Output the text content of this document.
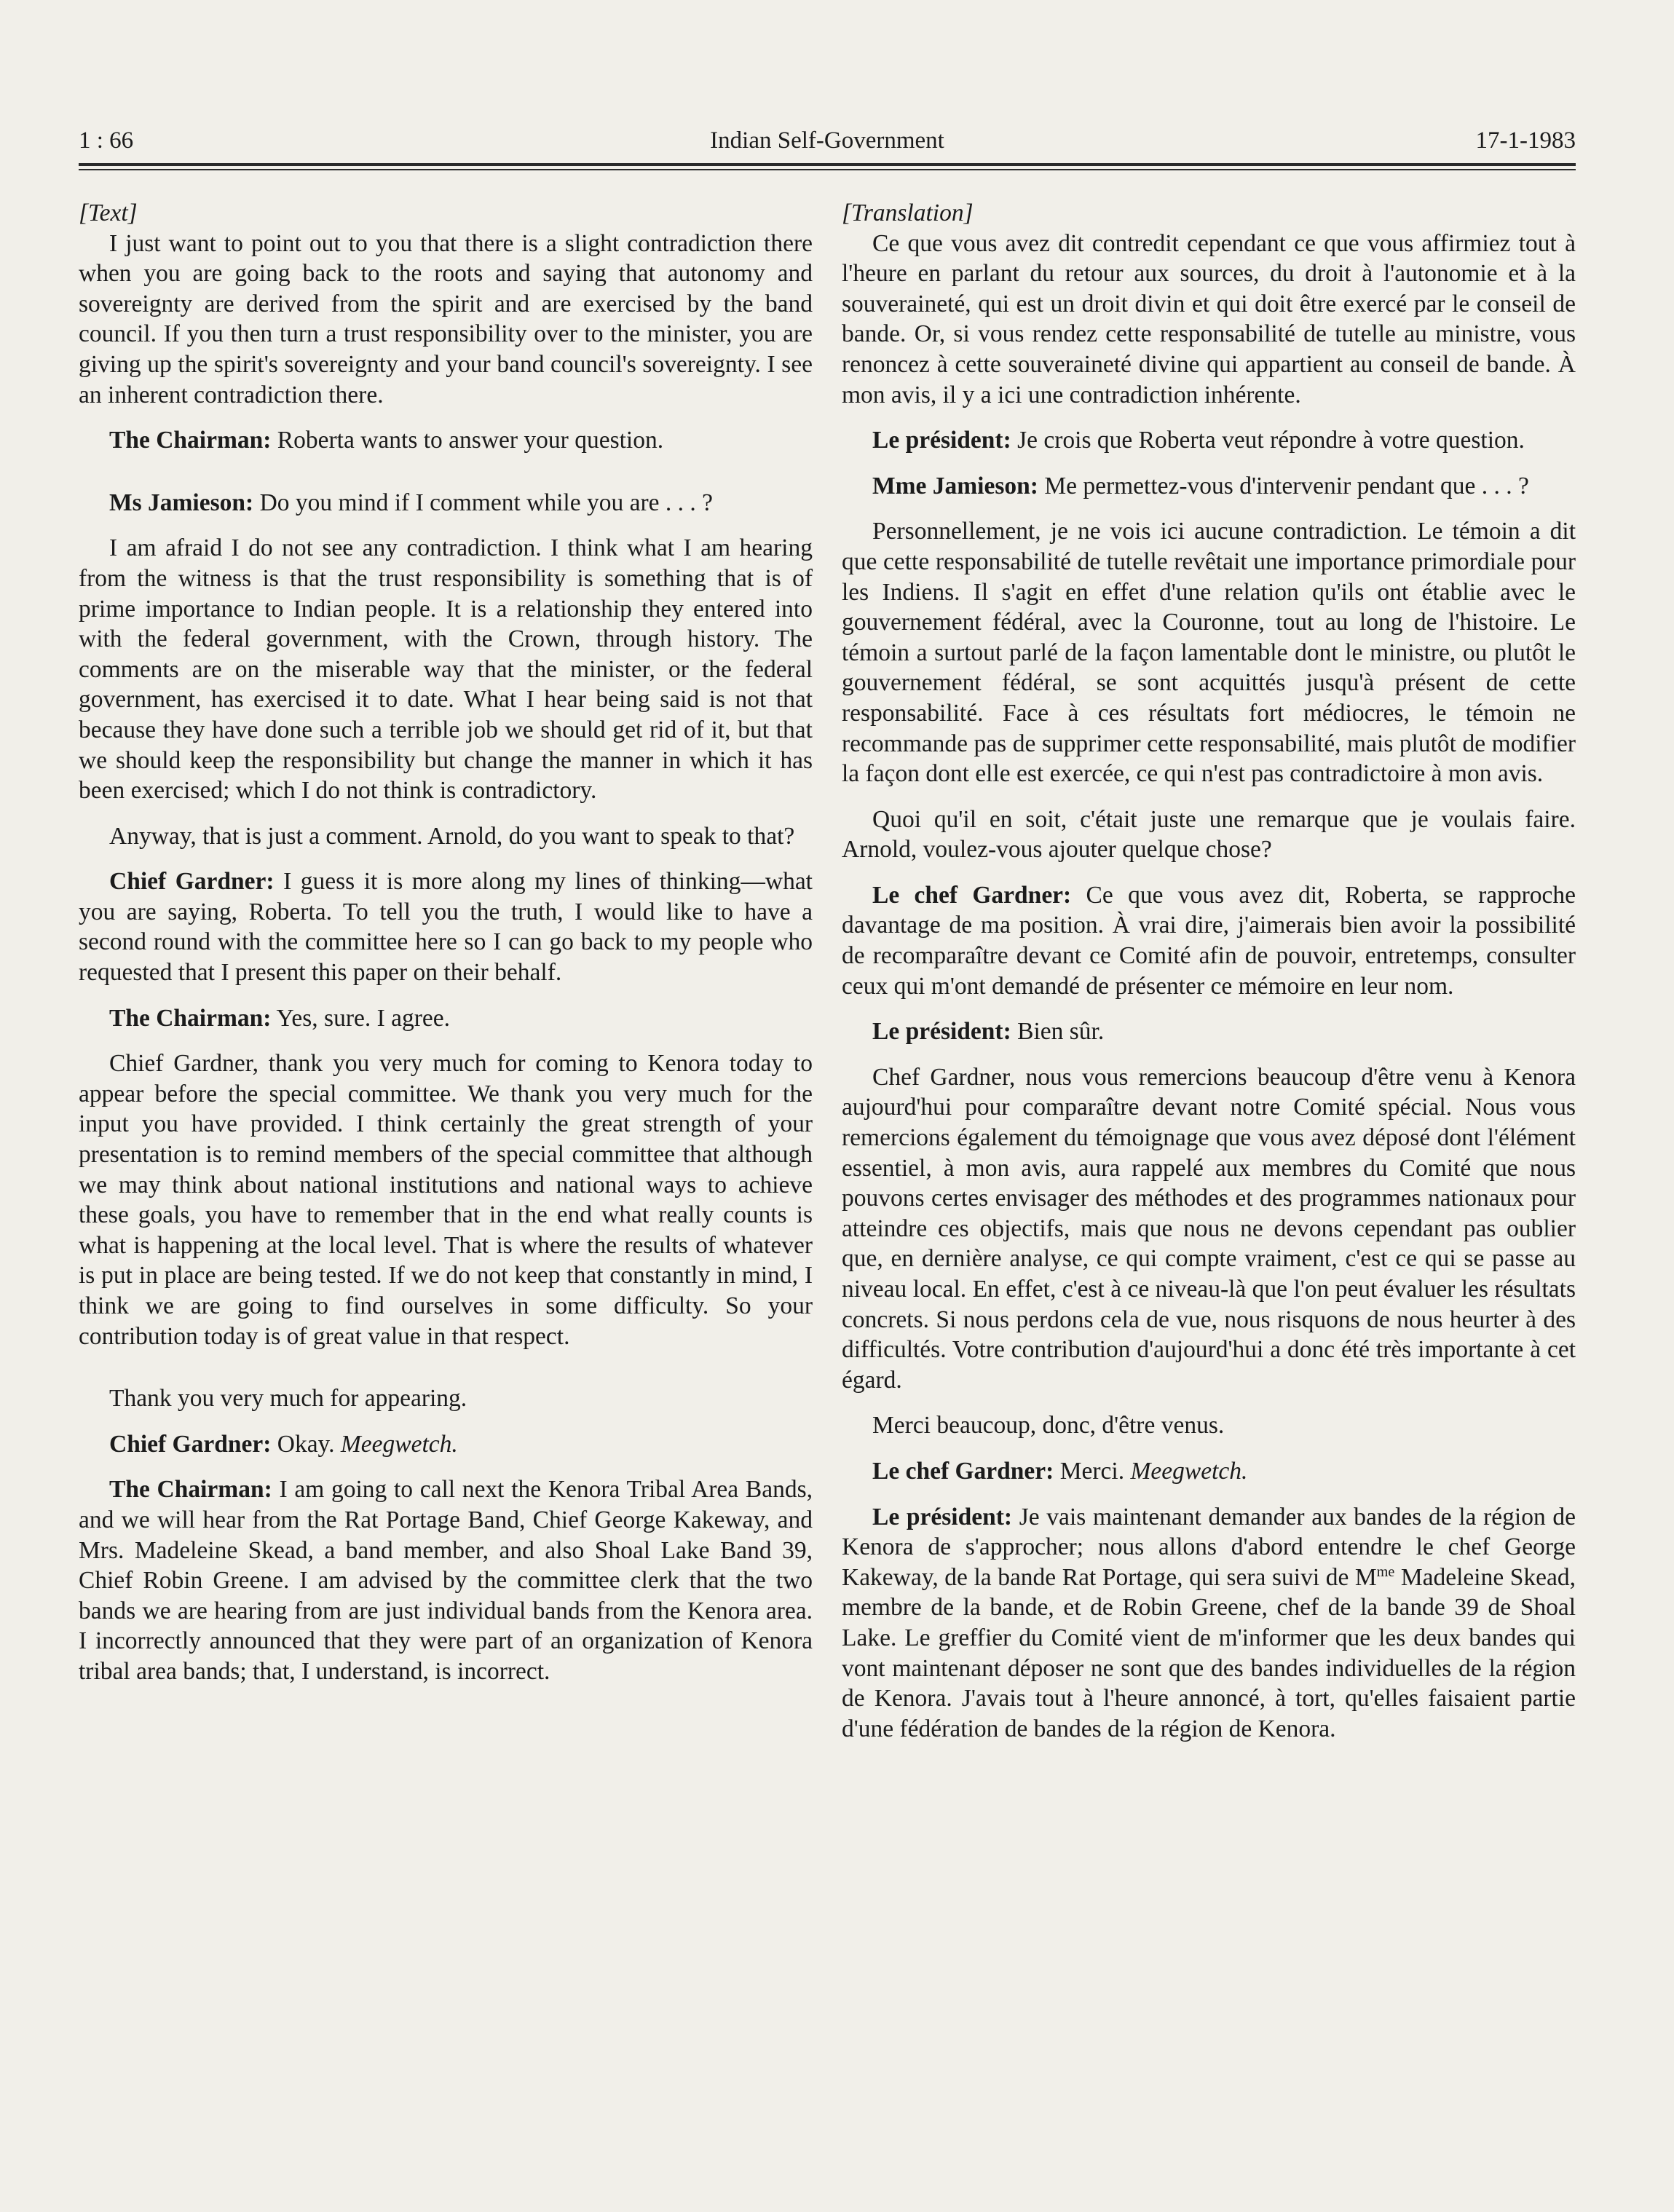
1 : 66	Indian Self-Government	17-1-1983

[Text]

I just want to point out to you that there is a slight contradiction there when you are going back to the roots and saying that autonomy and sovereignty are derived from the spirit and are exercised by the band council. If you then turn a trust responsibility over to the minister, you are giving up the spirit's sovereignty and your band council's sovereignty. I see an inherent contradiction there.

The Chairman: Roberta wants to answer your question.

Ms Jamieson: Do you mind if I comment while you are . . . ?

I am afraid I do not see any contradiction. I think what I am hearing from the witness is that the trust responsibility is something that is of prime importance to Indian people. It is a relationship they entered into with the federal government, with the Crown, through history. The comments are on the miserable way that the minister, or the federal government, has exercised it to date. What I hear being said is not that because they have done such a terrible job we should get rid of it, but that we should keep the responsibility but change the manner in which it has been exercised; which I do not think is contradictory.

Anyway, that is just a comment. Arnold, do you want to speak to that?

Chief Gardner: I guess it is more along my lines of thinking—what you are saying, Roberta. To tell you the truth, I would like to have a second round with the committee here so I can go back to my people who requested that I present this paper on their behalf.

The Chairman: Yes, sure. I agree.

Chief Gardner, thank you very much for coming to Kenora today to appear before the special committee. We thank you very much for the input you have provided. I think certainly the great strength of your presentation is to remind members of the special committee that although we may think about national institutions and national ways to achieve these goals, you have to remember that in the end what really counts is what is happening at the local level. That is where the results of whatever is put in place are being tested. If we do not keep that constantly in mind, I think we are going to find ourselves in some difficulty. So your contribution today is of great value in that respect.

Thank you very much for appearing.

Chief Gardner: Okay. Meegwetch.

The Chairman: I am going to call next the Kenora Tribal Area Bands, and we will hear from the Rat Portage Band, Chief George Kakeway, and Mrs. Madeleine Skead, a band member, and also Shoal Lake Band 39, Chief Robin Greene. I am advised by the committee clerk that the two bands we are hearing from are just individual bands from the Kenora area. I incorrectly announced that they were part of an organization of Kenora tribal area bands; that, I understand, is incorrect.

[Translation]

Ce que vous avez dit contredit cependant ce que vous affirmiez tout à l'heure en parlant du retour aux sources, du droit à l'autonomie et à la souveraineté, qui est un droit divin et qui doit être exercé par le conseil de bande. Or, si vous rendez cette responsabilité de tutelle au ministre, vous renoncez à cette souveraineté divine qui appartient au conseil de bande. À mon avis, il y a ici une contradiction inhérente.

Le président: Je crois que Roberta veut répondre à votre question.

Mme Jamieson: Me permettez-vous d'intervenir pendant que . . . ?

Personnellement, je ne vois ici aucune contradiction. Le témoin a dit que cette responsabilité de tutelle revêtait une importance primordiale pour les Indiens. Il s'agit en effet d'une relation qu'ils ont établie avec le gouvernement fédéral, avec la Couronne, tout au long de l'histoire. Le témoin a surtout parlé de la façon lamentable dont le ministre, ou plutôt le gouvernement fédéral, se sont acquittés jusqu'à présent de cette responsabilité. Face à ces résultats fort médiocres, le témoin ne recommande pas de supprimer cette responsabilité, mais plutôt de modifier la façon dont elle est exercée, ce qui n'est pas contradictoire à mon avis.

Quoi qu'il en soit, c'était juste une remarque que je voulais faire. Arnold, voulez-vous ajouter quelque chose?

Le chef Gardner: Ce que vous avez dit, Roberta, se rapproche davantage de ma position. À vrai dire, j'aimerais bien avoir la possibilité de recomparaître devant ce Comité afin de pouvoir, entretemps, consulter ceux qui m'ont demandé de présenter ce mémoire en leur nom.

Le président: Bien sûr.

Chef Gardner, nous vous remercions beaucoup d'être venu à Kenora aujourd'hui pour comparaître devant notre Comité spécial. Nous vous remercions également du témoignage que vous avez déposé dont l'élément essentiel, à mon avis, aura rappelé aux membres du Comité que nous pouvons certes envisager des méthodes et des programmes nationaux pour atteindre ces objectifs, mais que nous ne devons cependant pas oublier que, en dernière analyse, ce qui compte vraiment, c'est ce qui se passe au niveau local. En effet, c'est à ce niveau-là que l'on peut évaluer les résultats concrets. Si nous perdons cela de vue, nous risquons de nous heurter à des difficultés. Votre contribution d'aujourd'hui a donc été très importante à cet égard.

Merci beaucoup, donc, d'être venus.

Le chef Gardner: Merci. Meegwetch.

Le président: Je vais maintenant demander aux bandes de la région de Kenora de s'approcher; nous allons d'abord entendre le chef George Kakeway, de la bande Rat Portage, qui sera suivi de $M^{me}$ Madeleine Skead, membre de la bande, et de Robin Greene, chef de la bande 39 de Shoal Lake. Le greffier du Comité vient de m'informer que les deux bandes qui vont maintenant déposer ne sont que des bandes individuelles de la région de Kenora. J'avais tout à l'heure annoncé, à tort, qu'elles faisaient partie d'une fédération de bandes de la région de Kenora.
